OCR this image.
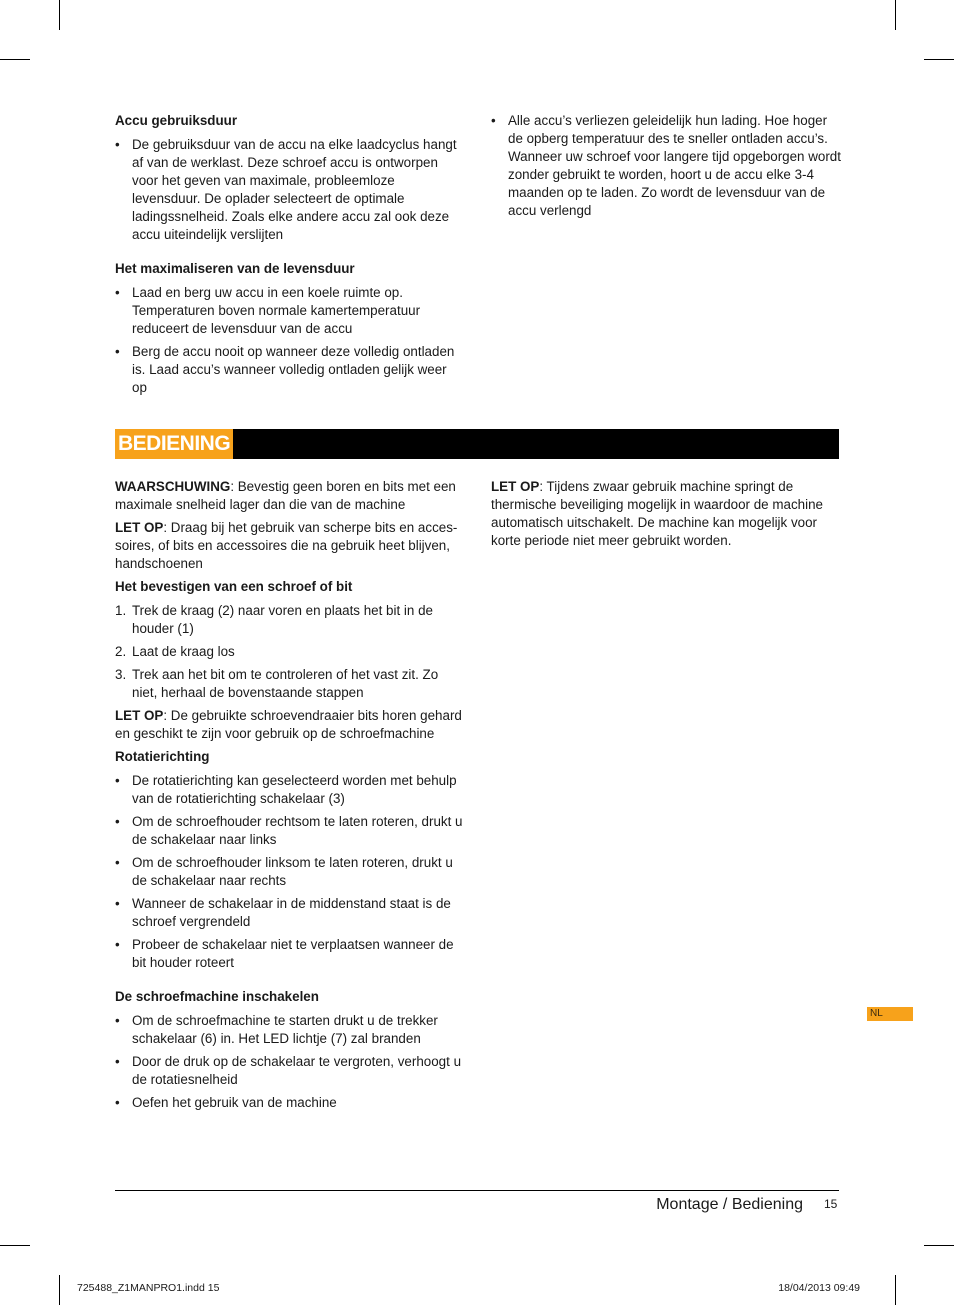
Accu gebruiksduur
• De gebruiksduur van de accu na elke laadcyclus hangt af van de werklast. Deze schroef accu is ontworpen voor het geven van maximale, probleemloze levensduur. De oplader selecteert de optimale ladingssnelheid. Zoals elke andere accu zal ook deze accu uiteindelijk verslijten
Het maximaliseren van de levensduur
• Laad en berg uw accu in een koele ruimte op. Temperaturen boven normale kamertemperatuur reduceert de levensduur van de accu
• Berg de accu nooit op wanneer deze volledig ontladen is. Laad accu’s wanneer volledig ontladen gelijk weer op
• Alle accu’s verliezen geleidelijk hun lading. Hoe hoger de opberg temperatuur des te sneller ontladen accu’s. Wanneer uw schroef voor langere tijd opgeborgen wordt zonder gebruikt te worden, hoort u de accu elke 3-4 maanden op te laden. Zo wordt de levensduur van de accu verlengd
BEDIENING

WAARSCHUWING: Bevestig geen boren en bits met een maximale snelheid lager dan die van de machine

LET OP: Draag bij het gebruik van scherpe bits en accessoires, of bits en accessoires die na gebruik heet blijven, handschoenen

Het bevestigen van een schroef of bit
1. Trek de kraag (2) naar voren en plaats het bit in de houder (1)
2. Laat de kraag los
3. Trek aan het bit om te controleren of het vast zit. Zo niet, herhaal de bovenstaande stappen

LET OP: De gebruikte schroevendraaier bits horen gehard en geschikt te zijn voor gebruik op de schroefmachine

Rotatierichting
• De rotatierichting kan geselecteerd worden met behulp van de rotatierichting schakelaar (3)
• Om de schroefhouder rechtsom te laten roteren, drukt u de schakelaar naar links
• Om de schroefhouder linksom te laten roteren, drukt u de schakelaar naar rechts
• Wanneer de schakelaar in de middenstand staat is de schroef vergrendeld
• Probeer de schakelaar niet te verplaatsen wanneer de bit houder roteert
De schroefmachine inschakelen
• Om de schroefmachine te starten drukt u de trekker schakelaar (6) in. Het LED lichtje (7) zal branden
• Door de druk op de schakelaar te vergroten, verhoogt u de rotatiesnelheid
• Oefen het gebruik van de machine

LET OP: Tijdens zwaar gebruik machine springt de thermische beveiliging mogelijk in waardoor de machine automatisch uitschakelt. De machine kan mogelijk voor korte periode niet meer gebruikt worden.

NL
Montage / Bediening 15
725488_Z1MANPRO1.indd 15	18/04/2013 09:49
